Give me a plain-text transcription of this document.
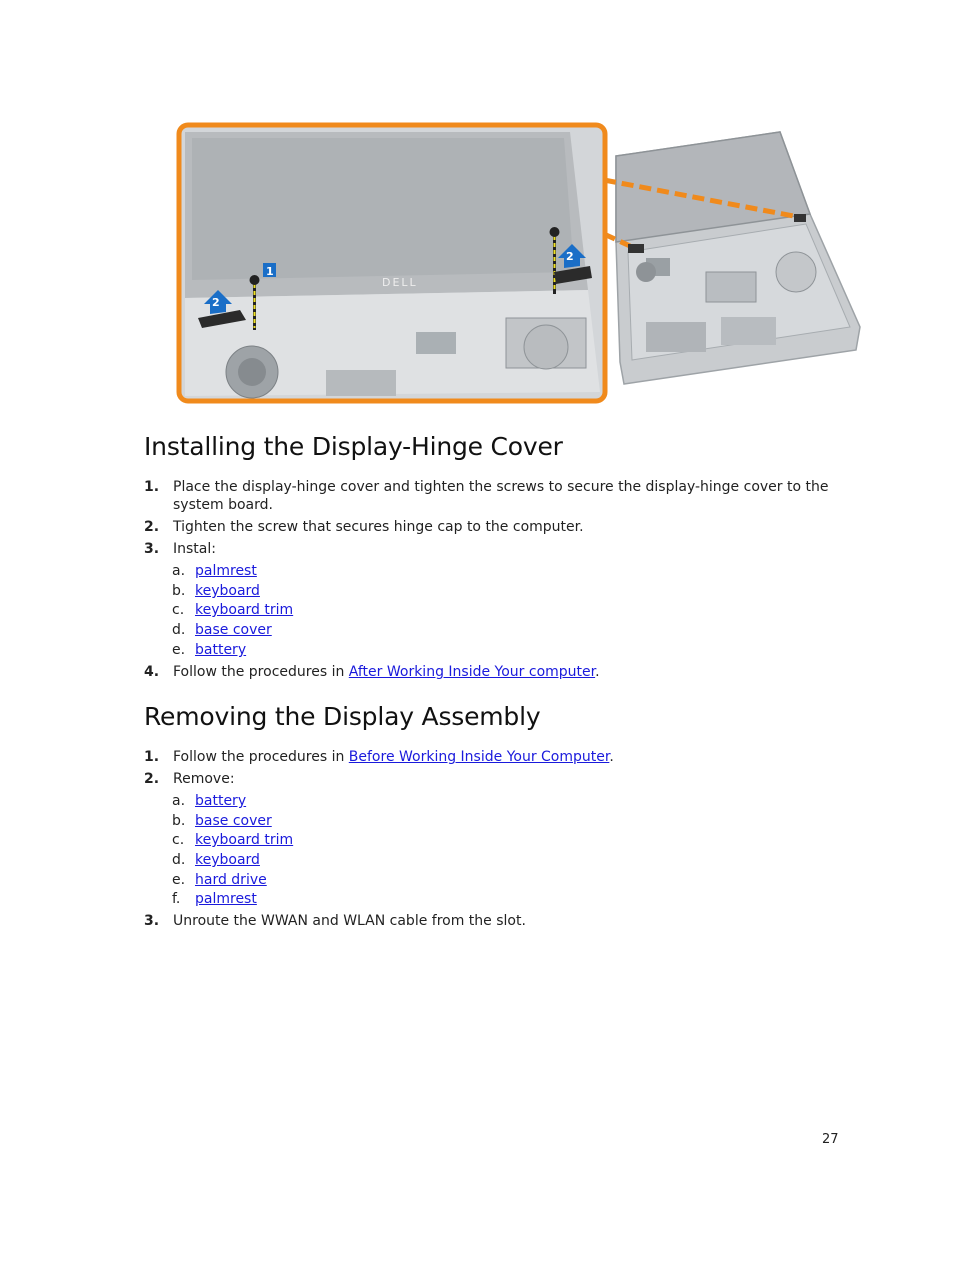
DELL
1
2
2
Installing the Display-Hinge Cover
1. Place the display-hinge cover and tighten the screws to secure the display-hinge cover to the system board.
2. Tighten the screw that secures hinge cap to the computer.
3. Instal:
a. palmrest
b. keyboard
c. keyboard trim
d. base cover
e. battery
4. Follow the procedures in After Working Inside Your computer.
Removing the Display Assembly
1. Follow the procedures in Before Working Inside Your Computer.
2. Remove:
a. battery
b. base cover
c. keyboard trim
d. keyboard
e. hard drive
f. palmrest
3. Unroute the WWAN and WLAN cable from the slot.
27
